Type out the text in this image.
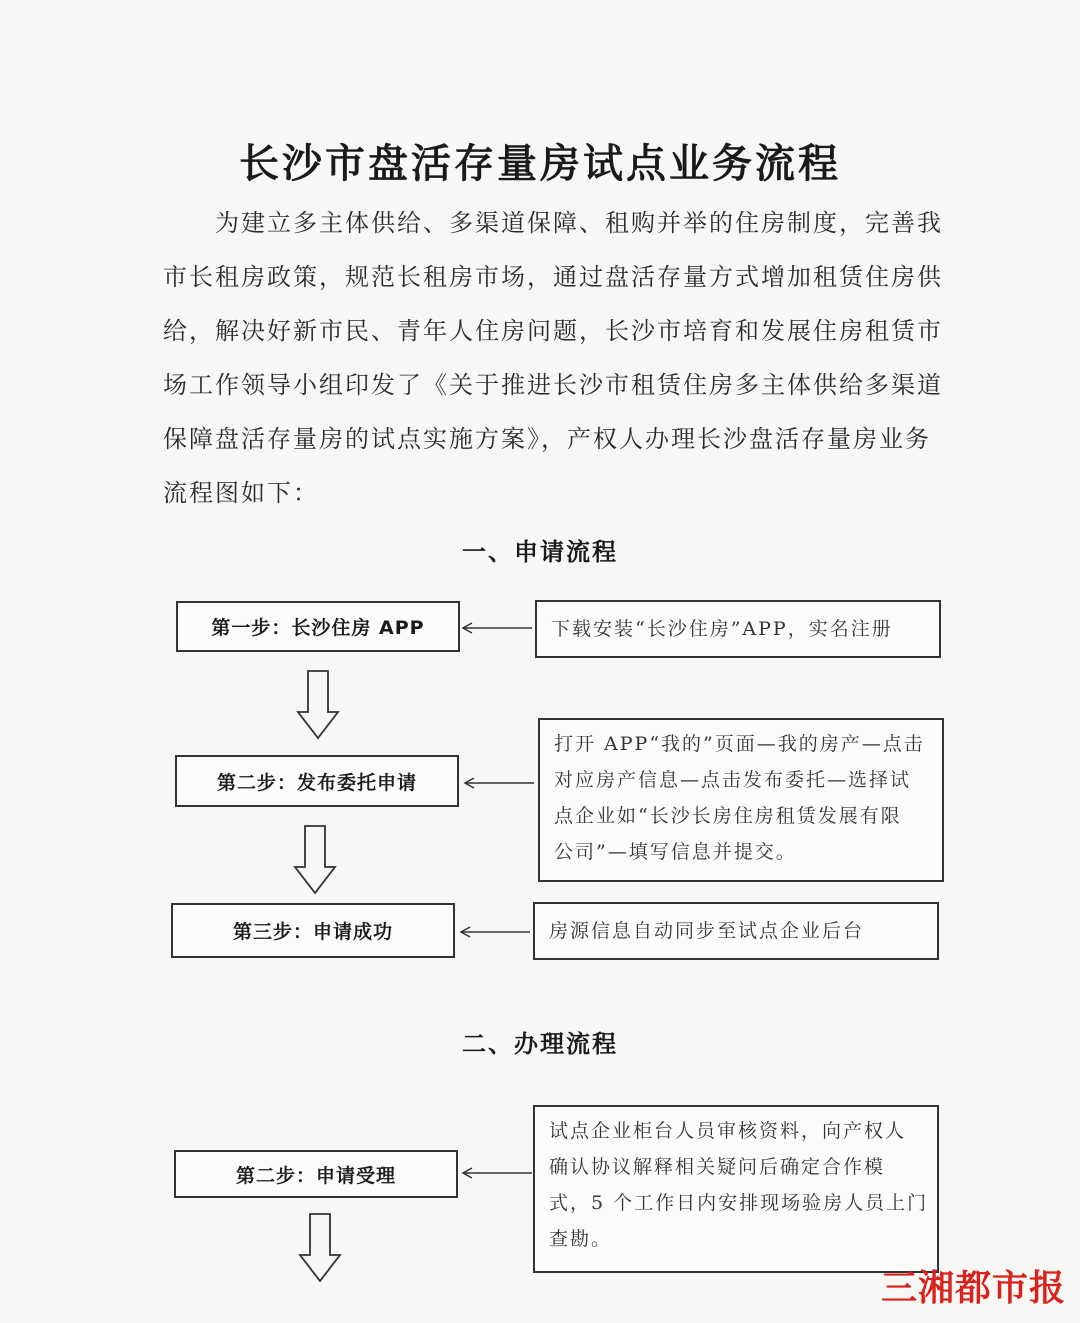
长沙市盘活存量房试点业务流程

为建立多主体供给、多渠道保障、租购并举的住房制度，完善我
市长租房政策，规范长租房市场，通过盘活存量方式增加租赁住房供
给，解决好新市民、青年人住房问题，长沙市培育和发展住房租赁市
场工作领导小组印发了《关于推进长沙市租赁住房多主体供给多渠道
保障盘活存量房的试点实施方案》，产权人办理长沙盘活存量房业务
流程图如下：

一、申请流程
第一步：长沙住房 APP	下载安装“长沙住房”APP，实名注册
第二步：发布委托申请
打开 APP“我的”页面—我的房产—点击
对应房产信息—点击发布委托—选择试
点企业如“长沙长房住房租赁发展有限
公司”—填写信息并提交。
第三步：申请成功	房源信息自动同步至试点企业后台
二、办理流程
第二步：申请受理
试点企业柜台人员审核资料，向产权人
确认协议解释相关疑问后确定合作模
式，5 个工作日内安排现场验房人员上门
查勘。
三湘都市报
